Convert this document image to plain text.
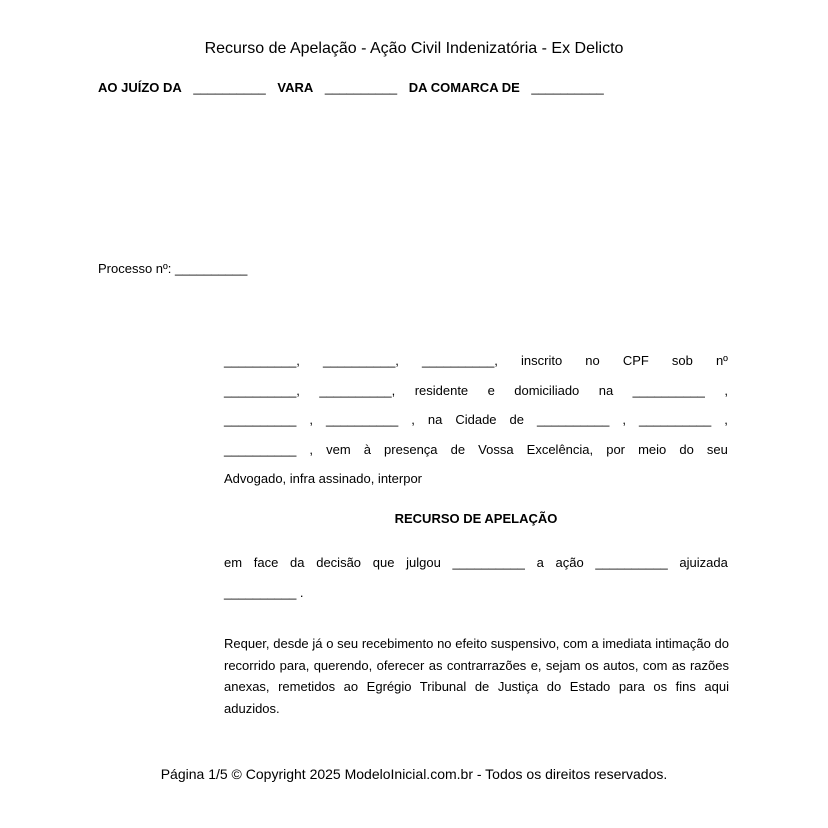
Recurso de Apelação - Ação Civil Indenizatória - Ex Delicto
AO JUÍZO DA __________ VARA __________ DA COMARCA DE __________
Processo nº: __________
__________, __________, __________, inscrito no CPF sob nº
__________, __________, residente e domiciliado na __________ ,
__________ , __________ , na Cidade de __________ , __________ ,
__________ , vem à presença de Vossa Excelência, por meio do seu
Advogado, infra assinado, interpor
RECURSO DE APELAÇÃO
em face da decisão que julgou __________ a ação __________ ajuizada
__________ .
Requer, desde já o seu recebimento no efeito suspensivo, com a imediata intimação do recorrido para, querendo, oferecer as contrarrazões e, sejam os autos, com as razões anexas, remetidos ao Egrégio Tribunal de Justiça do Estado para os fins aqui aduzidos.
Página 1/5 © Copyright 2025 ModeloInicial.com.br - Todos os direitos reservados.
